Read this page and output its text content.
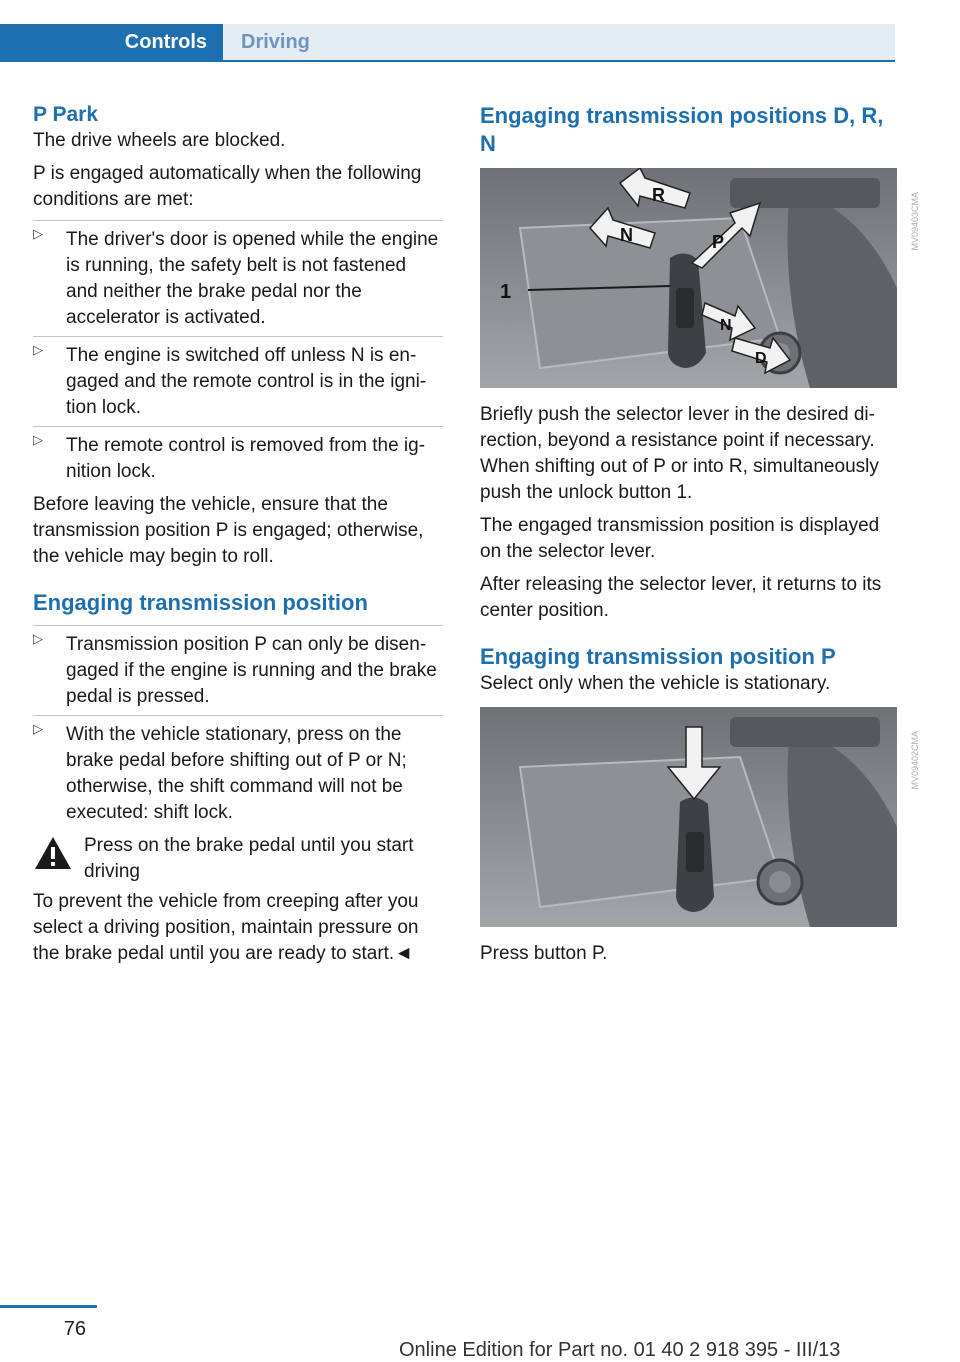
Controls	Driving
P Park

The drive wheels are blocked.

P is engaged automatically when the following conditions are met:

▷ The driver's door is opened while the engine is running, the safety belt is not fastened and neither the brake pedal nor the accelerator is activated.
▷ The engine is switched off unless N is engaged and the remote control is in the ignition lock.
▷ The remote control is removed from the ignition lock.

Before leaving the vehicle, ensure that the transmission position P is engaged; otherwise, the vehicle may begin to roll.

Engaging transmission position
▷ Transmission position P can only be disengaged if the engine is running and the brake pedal is pressed.
▷ With the vehicle stationary, press on the brake pedal before shifting out of P or N; otherwise, the shift command will not be executed: shift lock.
Press on the brake pedal until you start driving

To prevent the vehicle from creeping after you select a driving position, maintain pressure on the brake pedal until you are ready to start.◄

Engaging transmission positions D, R, N
1
R
N	P
N
D
MV09403CMA

Briefly push the selector lever in the desired direction, beyond a resistance point if necessary. When shifting out of P or into R, simultaneously push the unlock button 1.

The engaged transmission position is displayed on the selector lever.

After releasing the selector lever, it returns to its center position.

Engaging transmission position P

Select only when the vehicle is stationary.

MV09402CMA

Press button P.

76
Online Edition for Part no. 01 40 2 918 395 - III/13
